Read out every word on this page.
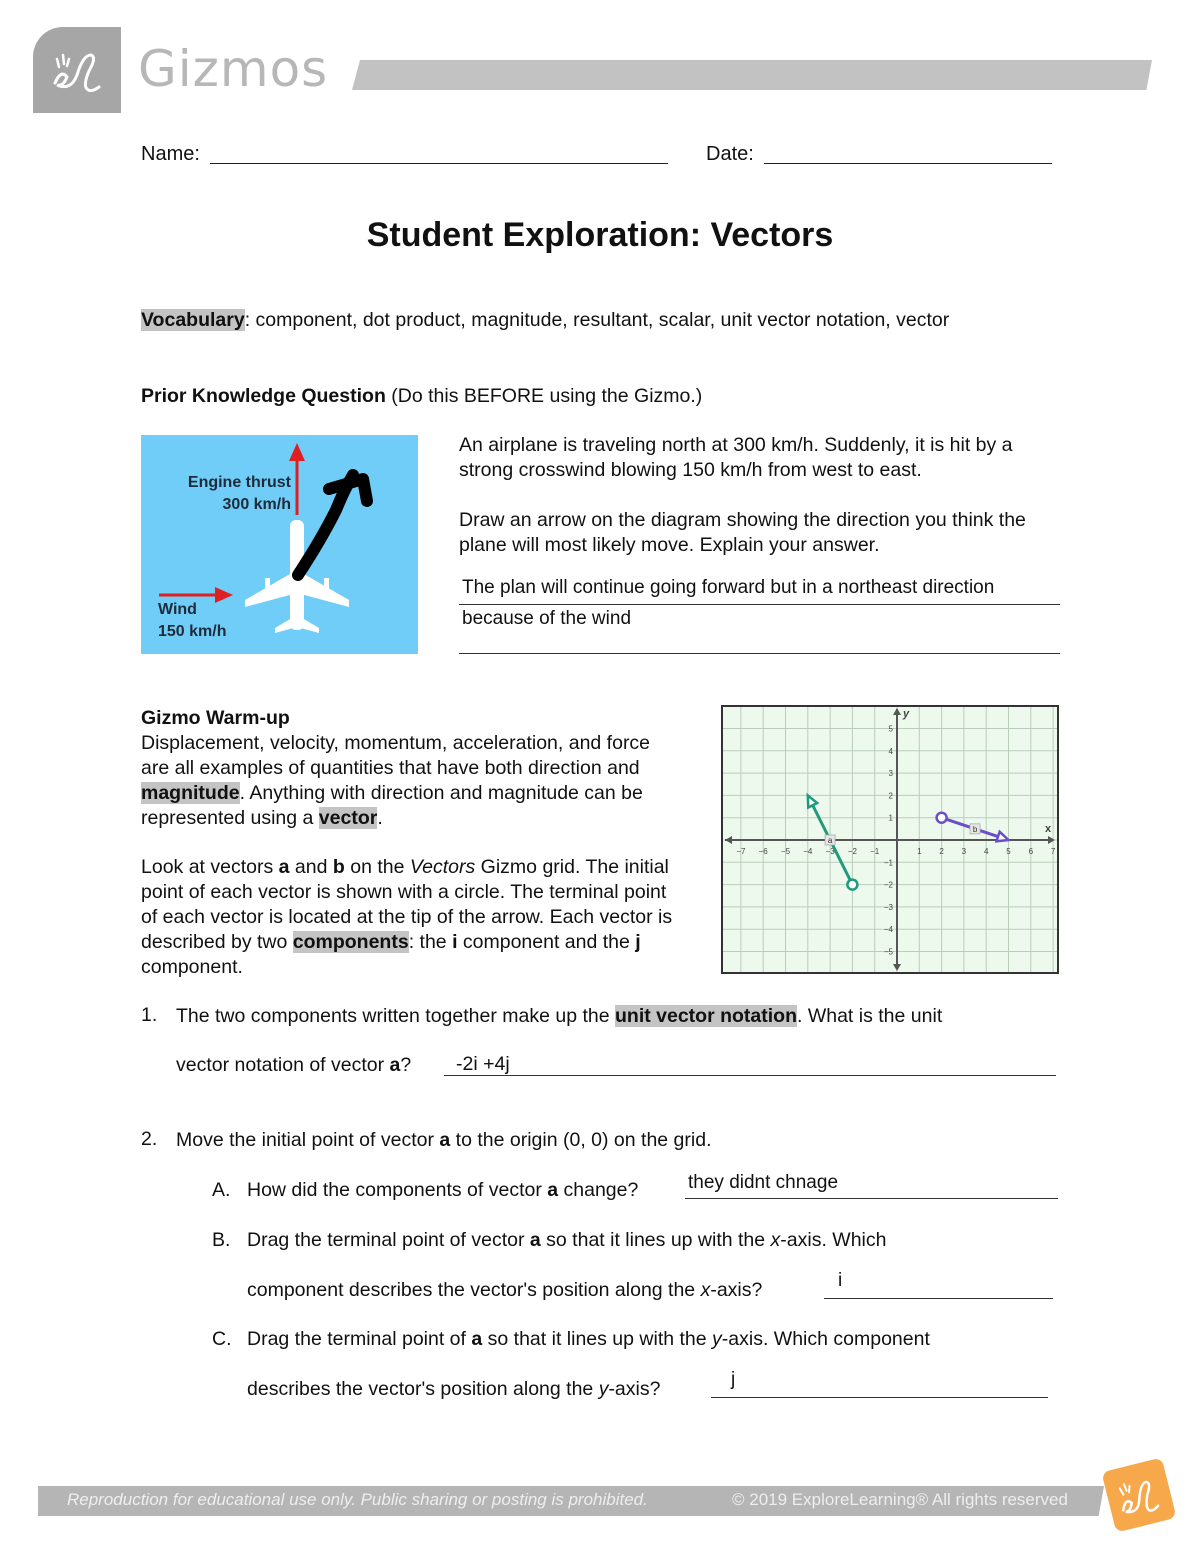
Gizmos
Name:	Date:
Student Exploration: Vectors
Vocabulary: component, dot product, magnitude, resultant, scalar, unit vector notation, vector
Prior Knowledge Question (Do this BEFORE using the Gizmo.)
Engine thrust
300 km/h
Wind
150 km/h
An airplane is traveling north at 300 km/h. Suddenly, it is hit by a strong crosswind blowing 150 km/h from west to east.
Draw an arrow on the diagram showing the direction you think the plane will most likely move. Explain your answer.
The plan will continue going forward but in a northeast direction
because of the wind
Gizmo Warm-up
Displacement, velocity, momentum, acceleration, and force are all examples of quantities that have both direction and magnitude. Anything with direction and magnitude can be represented using a vector.
Look at vectors a and b on the Vectors Gizmo grid. The initial point of each vector is shown with a circle. The terminal point of each vector is located at the tip of the arrow. Each vector is described by two components: the i component and the j component.
−7 −6 −5 −4 −3 −2 −1	1 2 3 4 5 6 7
5
4
3
2
1
−1
−2
−3
−4
−5
y
x
a
b
1. The two components written together make up the unit vector notation. What is the unit
vector notation of vector a?	-2i +4j
2. Move the initial point of vector a to the origin (0, 0) on the grid.
A. How did the components of vector a change?	they didnt chnage
B. Drag the terminal point of vector a so that it lines up with the x-axis. Which
component describes the vector's position along the x-axis?	i
C. Drag the terminal point of a so that it lines up with the y-axis. Which component
describes the vector's position along the y-axis?	j
Reproduction for educational use only. Public sharing or posting is prohibited.	© 2019 ExploreLearning® All rights reserved
